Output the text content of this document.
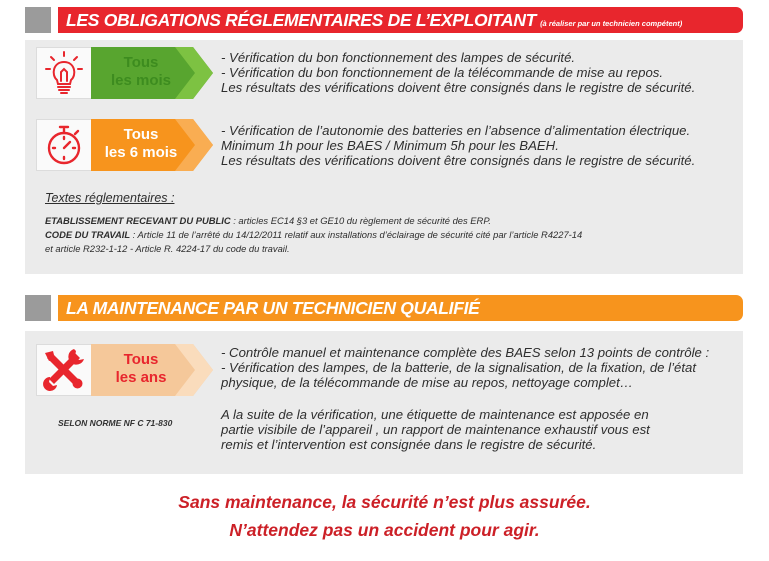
LES OBLIGATIONS RÉGLEMENTAIRES DE L’EXPLOITANT (à réaliser par un technicien compétent)
Tous
les mois
- Vérification du bon fonctionnement des lampes de sécurité.
- Vérification du bon fonctionnement de la télécommande de mise au repos.
Les résultats des vérifications doivent être consignés dans le registre de sécurité.
Tous
les 6 mois
- Vérification de l’autonomie des batteries en l’absence d’alimentation électrique.
Minimum 1h pour les BAES / Minimum 5h pour les BAEH.
Les résultats des vérifications doivent être consignés dans le registre de sécurité.
Textes réglementaires :
ETABLISSEMENT RECEVANT DU PUBLIC : articles EC14 §3 et GE10 du règlement de sécurité des ERP.
CODE DU TRAVAIL : Article 11 de l’arrêté du 14/12/2011 relatif aux installations d’éclairage de sécurité cité par l’article R4227-14
et article R232-1-12 - Article R. 4224-17 du code du travail.
LA MAINTENANCE PAR UN TECHNICIEN QUALIFIÉ
Tous
les ans
SELON NORME NF C 71-830
- Contrôle manuel et maintenance complète des BAES selon 13 points de contrôle :
- Vérification des lampes, de la batterie, de la signalisation, de la fixation, de l’état
physique, de la télécommande de mise au repos, nettoyage complet…
A la suite de la vérification, une étiquette de maintenance est apposée en
partie visibile de l’appareil , un rapport de maintenance exhaustif vous est
remis et l’intervention est consignée dans le registre de sécurité.
Sans maintenance, la sécurité n’est plus assurée.
N’attendez pas un accident pour agir.
